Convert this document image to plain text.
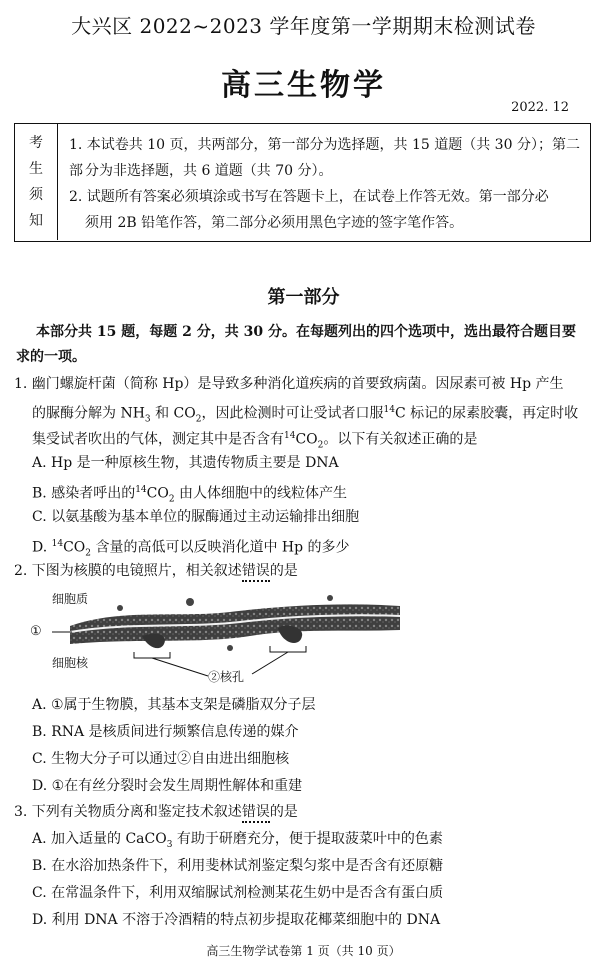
大兴区 2022~2023 学年度第一学期期末检测试卷
高三生物学
2022. 12
考
生
须
知
1. 本试卷共 10 页，共两部分，第一部分为选择题，共 15 道题（共 30 分）；第二部 分为非选择题，共 6 道题（共 70 分）。
2. 试题所有答案必须填涂或书写在答题卡上，在试卷上作答无效。第一部分必
须用 2B 铅笔作答，第二部分必须用黑色字迹的签字笔作答。
第一部分
本部分共 15 题，每题 2 分，共 30 分。在每题列出的四个选项中，选出最符合题目要
求的一项。
1. 幽门螺旋杆菌（简称 Hp）是导致多种消化道疾病的首要致病菌。因尿素可被 Hp 产生
的脲酶分解为 $NH_3$ 和 $CO_2$，因此检测时可让受试者口服$^{14}$C 标记的尿素胶囊，再定时收
集受试者吹出的气体，测定其中是否含有$^{14}CO_2$。以下有关叙述正确的是
A. Hp 是一种原核生物，其遗传物质主要是 DNA
B. 感染者呼出的$^{14}CO_2$ 由人体细胞中的线粒体产生
C. 以氨基酸为基本单位的脲酶通过主动运输排出细胞
D. $^{14}CO_2$ 含量的高低可以反映消化道中 Hp 的多少
2. 下图为核膜的电镜照片，相关叙述错误的是
细胞质
①
细胞核
②核孔
A. ①属于生物膜，其基本支架是磷脂双分子层
B. RNA 是核质间进行频繁信息传递的媒介
C. 生物大分子可以通过②自由进出细胞核
D. ①在有丝分裂时会发生周期性解体和重建
3. 下列有关物质分离和鉴定技术叙述错误的是
A. 加入适量的 CaCO$_3$ 有助于研磨充分，便于提取菠菜叶中的色素
B. 在水浴加热条件下，利用斐林试剂鉴定梨匀浆中是否含有还原糖
C. 在常温条件下，利用双缩脲试剂检测某花生奶中是否含有蛋白质
D. 利用 DNA 不溶于冷酒精的特点初步提取花椰菜细胞中的 DNA
高三生物学试卷第 1 页（共 10 页）
